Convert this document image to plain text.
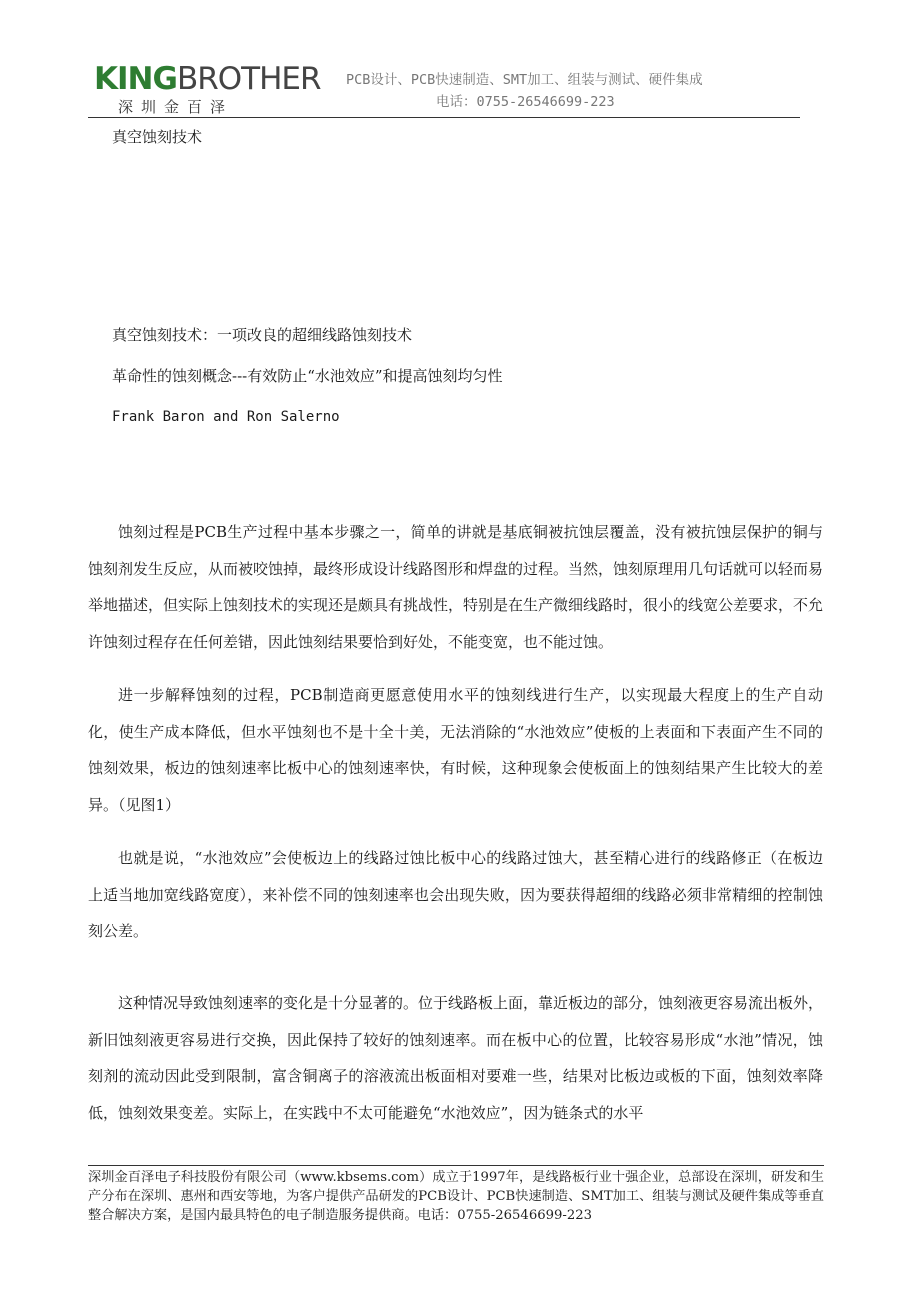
KINGBROTHER
深圳金百泽
PCB设计、PCB快速制造、SMT加工、组装与测试、硬件集成
电话：0755-26546699-223
真空蚀刻技术
真空蚀刻技术：一项改良的超细线路蚀刻技术
革命性的蚀刻概念---有效防止“水池效应”和提高蚀刻均匀性
Frank Baron and Ron Salerno

蚀刻过程是PCB生产过程中基本步骤之一，简单的讲就是基底铜被抗蚀层覆盖，没有被抗蚀层保护的铜与蚀刻剂发生反应，从而被咬蚀掉，最终形成设计线路图形和焊盘的过程。当然，蚀刻原理用几句话就可以轻而易举地描述，但实际上蚀刻技术的实现还是颇具有挑战性，特别是在生产微细线路时，很小的线宽公差要求，不允许蚀刻过程存在任何差错，因此蚀刻结果要恰到好处，不能变宽，也不能过蚀。

进一步解释蚀刻的过程，PCB制造商更愿意使用水平的蚀刻线进行生产，以实现最大程度上的生产自动化，使生产成本降低，但水平蚀刻也不是十全十美，无法消除的“水池效应”使板的上表面和下表面产生不同的蚀刻效果，板边的蚀刻速率比板中心的蚀刻速率快，有时候，这种现象会使板面上的蚀刻结果产生比较大的差异。（见图1）

也就是说，“水池效应”会使板边上的线路过蚀比板中心的线路过蚀大，甚至精心进行的线路修正（在板边上适当地加宽线路宽度），来补偿不同的蚀刻速率也会出现失败，因为要获得超细的线路必须非常精细的控制蚀刻公差。

这种情况导致蚀刻速率的变化是十分显著的。位于线路板上面，靠近板边的部分，蚀刻液更容易流出板外，新旧蚀刻液更容易进行交换，因此保持了较好的蚀刻速率。而在板中心的位置，比较容易形成“水池”情况，蚀刻剂的流动因此受到限制，富含铜离子的溶液流出板面相对要难一些，结果对比板边或板的下面，蚀刻效率降低，蚀刻效果变差。实际上，在实践中不太可能避免“水池效应”，因为链条式的水平

深圳金百泽电子科技股份有限公司（www.kbsems.com）成立于1997年，是线路板行业十强企业，总部设在深圳，研发和生产分布在深圳、惠州和西安等地，为客户提供产品研发的PCB设计、PCB快速制造、SMT加工、组装与测试及硬件集成等垂直整合解决方案，是国内最具特色的电子制造服务提供商。电话：0755-26546699-223
